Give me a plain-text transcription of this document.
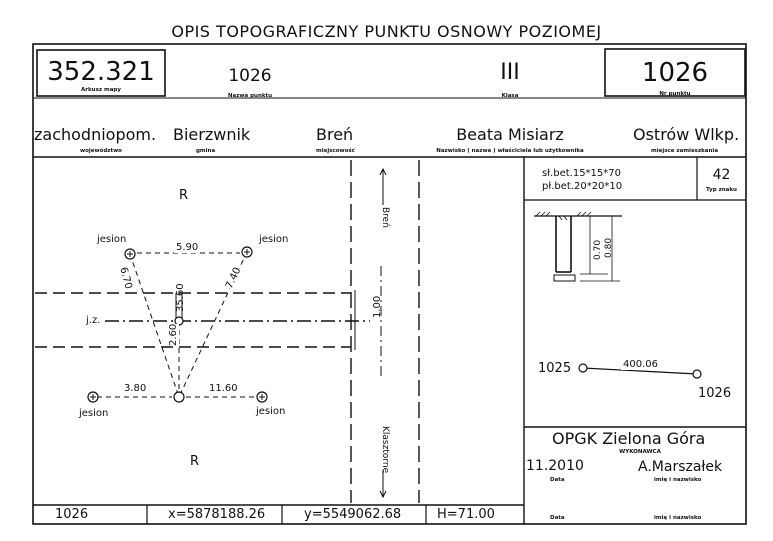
OPIS TOPOGRAFICZNY PUNKTU OSNOWY POZIOMEJ
352.321
Arkusz mapy
1026
Nazwa punktu
III
Klasa
1026
Nr punktu
zachodniopom.
województwo
Bierzwnik
gmina
Breń
miejscowość
Beata Misiarz
Nazwisko ( nazwa ) właściciela lub użytkownika
Ostrów Wlkp.
miejsce zamieszkania
R
R
jesion	jesion
jesion	jesion
5.90
6.70	7.40
3.80	11.60
2.60
35.60	1.00
j.z.
Breń
Klasztorne
sł.bet.15*15*70
pł.bet.20*20*10
42
Typ znaku
0.70 0.80
1025
1026
400.06
OPGK Zielona Góra
WYKONAWCA
11.2010
Data
A.Marszałek
imię i nazwisko
Data	imię i nazwisko
1026	x=5878188.26	y=5549062.68	H=71.00
